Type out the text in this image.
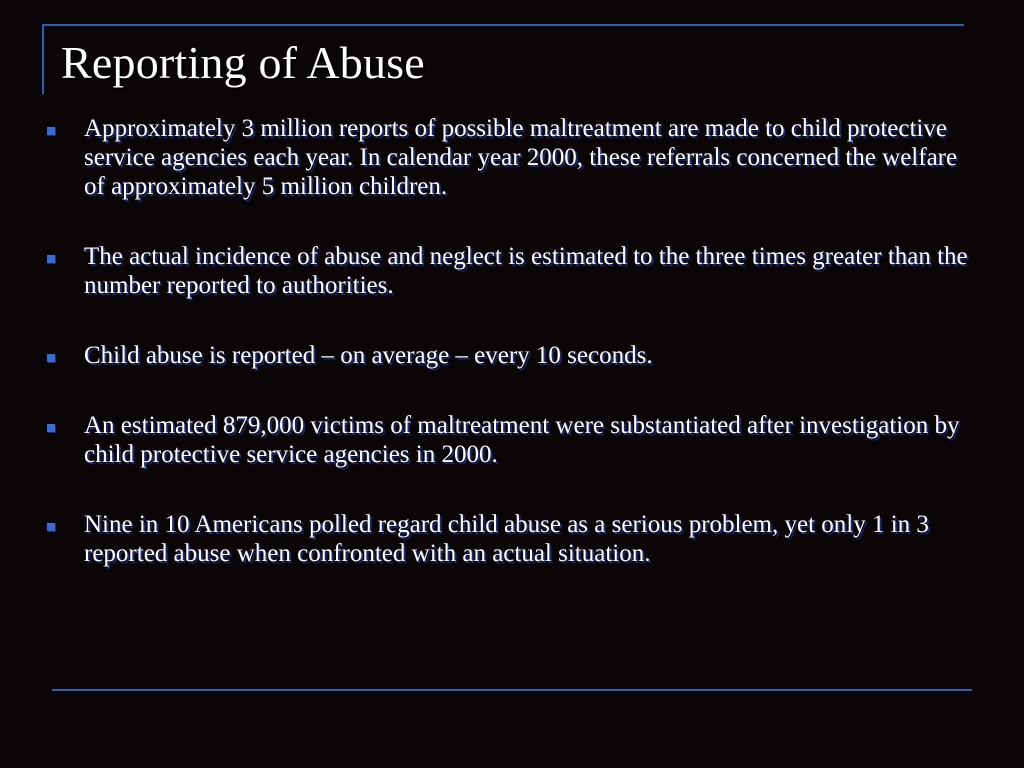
Reporting of Abuse
Approximately 3 million reports of possible maltreatment are made to child protective service agencies each year. In calendar year 2000, these referrals concerned the welfare of approximately 5 million children.
The actual incidence of abuse and neglect is estimated to the three times greater than the number reported to authorities.
Child abuse is reported – on average – every 10 seconds.
An estimated 879,000 victims of maltreatment were substantiated after investigation by child protective service agencies in 2000.
Nine in 10 Americans polled regard child abuse as a serious problem, yet only 1 in 3 reported abuse when confronted with an actual situation.
